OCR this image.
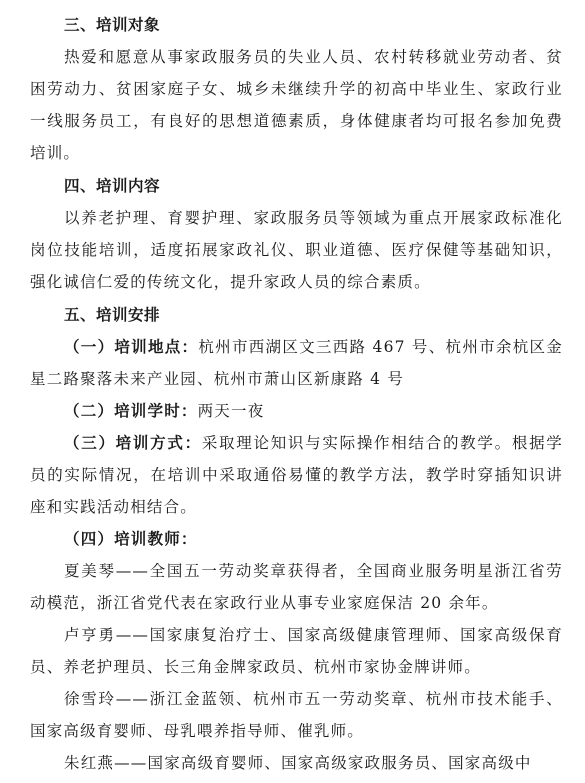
三、培训对象

热爱和愿意从事家政服务员的失业人员、农村转移就业劳动者、贫困劳动力、贫困家庭子女、城乡未继续升学的初高中毕业生、家政行业一线服务员工，有良好的思想道德素质，身体健康者均可报名参加免费培训。

四、培训内容

以养老护理、育婴护理、家政服务员等领域为重点开展家政标准化岗位技能培训，适度拓展家政礼仪、职业道德、医疗保健等基础知识，强化诚信仁爱的传统文化，提升家政人员的综合素质。

五、培训安排

（一）培训地点：杭州市西湖区文三西路 467 号、杭州市余杭区金星二路聚落未来产业园、杭州市萧山区新康路 4 号

（二）培训学时：两天一夜

（三）培训方式：采取理论知识与实际操作相结合的教学。根据学员的实际情况，在培训中采取通俗易懂的教学方法，教学时穿插知识讲座和实践活动相结合。

（四）培训教师：

夏美琴——全国五一劳动奖章获得者，全国商业服务明星浙江省劳动模范，浙江省党代表在家政行业从事专业家庭保洁 20 余年。

卢亨勇——国家康复治疗士、国家高级健康管理师、国家高级保育员、养老护理员、长三角金牌家政员、杭州市家协金牌讲师。

徐雪玲——浙江金蓝领、杭州市五一劳动奖章、杭州市技术能手、国家高级育婴师、母乳喂养指导师、催乳师。

朱红燕——国家高级育婴师、国家高级家政服务员、国家高级中
